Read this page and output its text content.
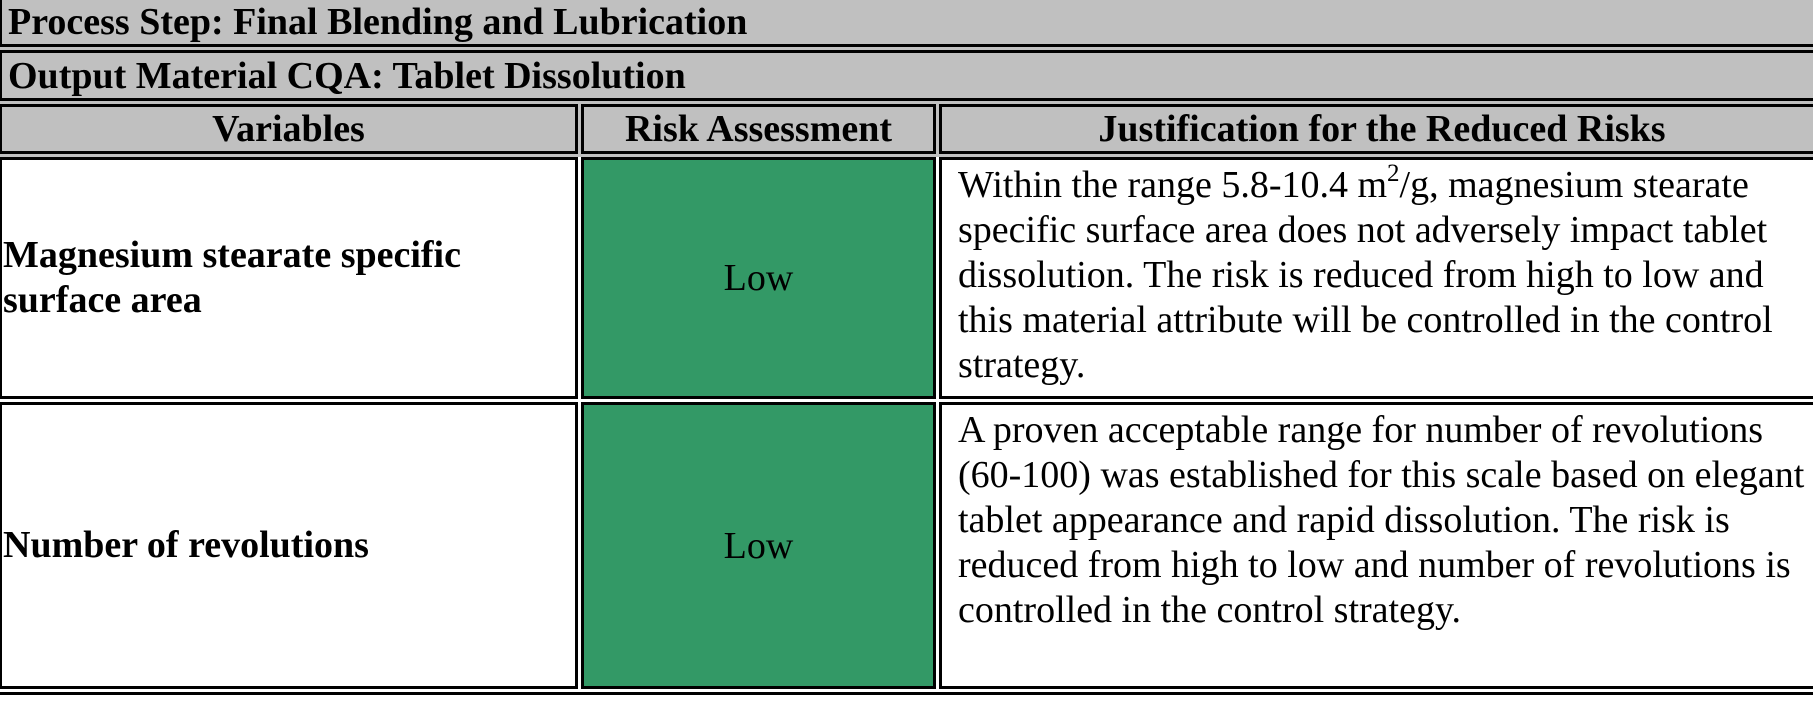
Process Step: Final Blending and Lubrication		
Output Material CQA: Tablet Dissolution		
Variables	Risk Assessment	Justification for the Reduced Risks
Magnesium stearate specific surface area	Low	Within the range 5.8-10.4 $m^2/g$, magnesium stearate specific surface area does not adversely impact tablet dissolution. The risk is reduced from high to low and this material attribute will be controlled in the control strategy.
Number of revolutions	Low	A proven acceptable range for number of revolutions (60-100) was established for this scale based on elegant tablet appearance and rapid dissolution. The risk is reduced from high to low and number of revolutions is controlled in the control strategy.
